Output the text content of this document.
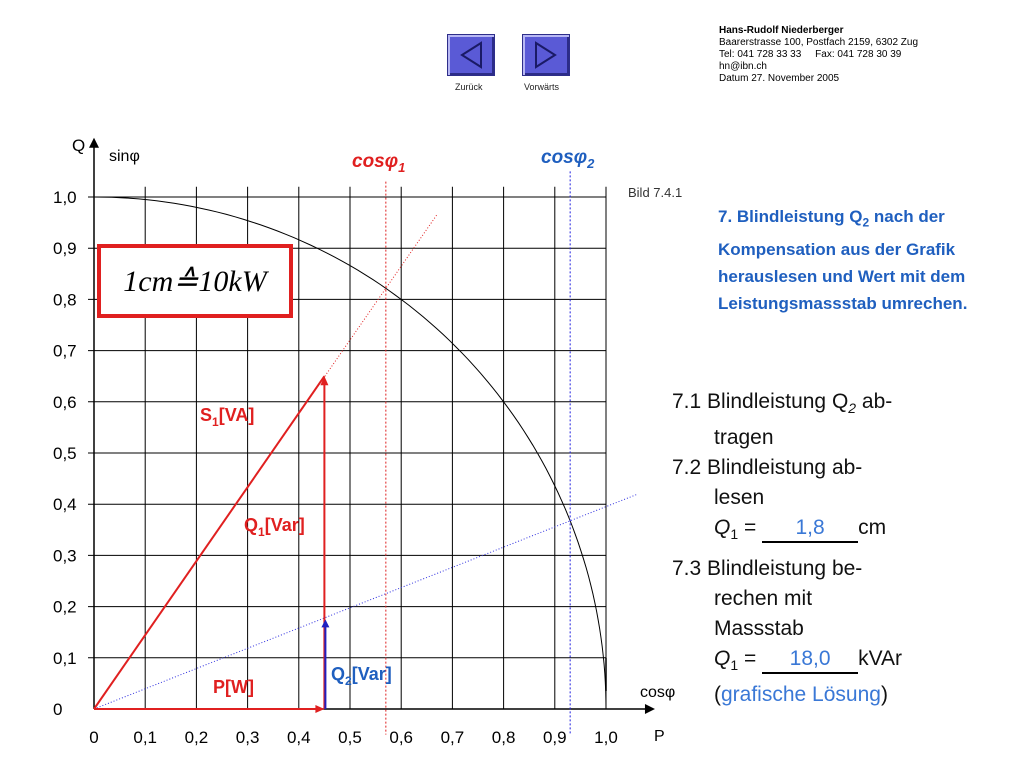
Zurück	Vorwärts
Hans-Rudolf Niederberger
Baarerstrasse 100, Postfach 2159, 6302 Zug
Tel: 041 728 33 33     Fax: 041 728 30 39
hn@ibn.ch
Datum 27. November 2005
0 0,1 0,2 0,3 0,4 0,5 0,6 0,7 0,8 0,9 1,0
0
0,1
0,2
0,3
0,4
0,5
0,6
0,7
0,8
0,9
1,0
Q
sinφ
cosφ
P
Bild 7.4.1
cosφ$_1$	cosφ$_2$
$S_1[VA]$
$Q_1[Var]$
$Q_2[Var]$
P[W]
1cm≙10kW
7. Blindleistung $Q_2$ nach der Kompensation aus der Grafik herauslesen und Wert mit dem Leistungsmassstab umrechen.
7.1 Blindleistung $Q_2$ ab-
tragen
7.2 Blindleistung ab-
lesen
$Q_1 = 1,8$ cm
7.3 Blindleistung be-
rechen mit
Massstab
$Q_1 = 18,0$ kVAr
(grafische Lösung)
